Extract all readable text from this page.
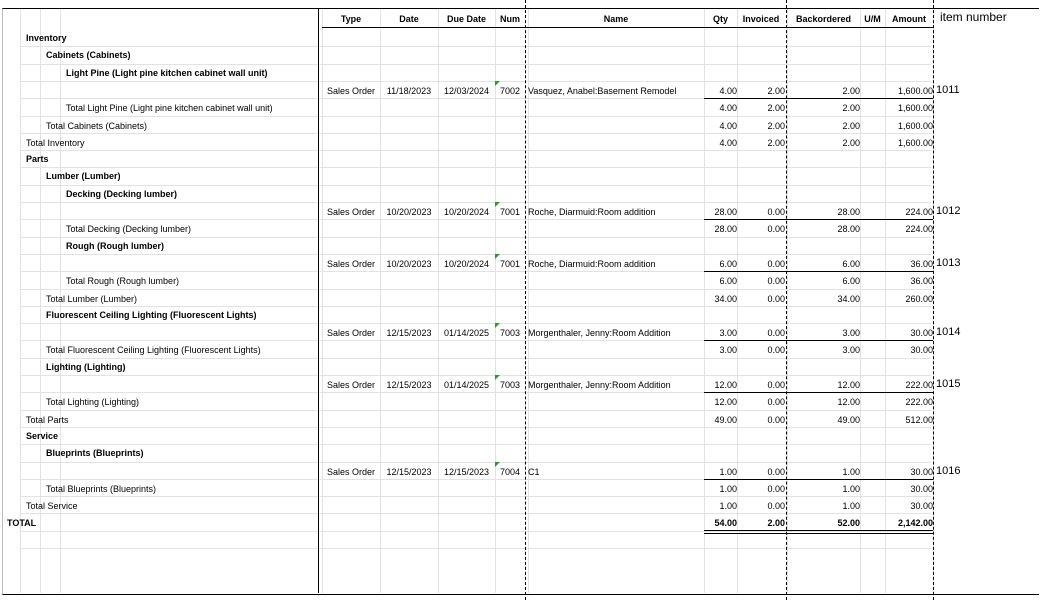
Type	Date	Due Date	Num	Name	Qty	Invoiced	Backordered	U/M	Amount	item number
Inventory
Cabinets (Cabinets)
Light Pine (Light pine kitchen cabinet wall unit)
Sales Order	11/18/2023	12/03/2024	7002 Vasquez, Anabel:Basement Remodel	4.00	2.00	2.00	1,600.00 1011
Total Light Pine (Light pine kitchen cabinet wall unit)	4.00	2.00	2.00	1,600.00
Total Cabinets (Cabinets)	4.00	2.00	2.00	1,600.00
Total Inventory	4.00	2.00	2.00	1,600.00
Parts
Lumber (Lumber)
Decking (Decking lumber)
Sales Order	10/20/2023	10/20/2024	7001 Roche, Diarmuid:Room addition	28.00	0.00	28.00	224.00 1012
Total Decking (Decking lumber)	28.00	0.00	28.00	224.00
Rough (Rough lumber)
Sales Order	10/20/2023	10/20/2024	7001 Roche, Diarmuid:Room addition	6.00	0.00	6.00	36.00 1013
Total Rough (Rough lumber)	6.00	0.00	6.00	36.00
Total Lumber (Lumber)	34.00	0.00	34.00	260.00
Fluorescent Ceiling Lighting (Fluorescent Lights)
Sales Order	12/15/2023	01/14/2025	7003 Morgenthaler, Jenny:Room Addition	3.00	0.00	3.00	30.00 1014
Total Fluorescent Ceiling Lighting (Fluorescent Lights)	3.00	0.00	3.00	30.00
Lighting (Lighting)
Sales Order	12/15/2023	01/14/2025	7003 Morgenthaler, Jenny:Room Addition	12.00	0.00	12.00	222.00 1015
Total Lighting (Lighting)	12.00	0.00	12.00	222.00
Total Parts	49.00	0.00	49.00	512.00
Service
Blueprints (Blueprints)
Sales Order	12/15/2023	12/15/2023	7004 C1	1.00	0.00	1.00	30.00 1016
Total Blueprints (Blueprints)	1.00	0.00	1.00	30.00
Total Service	1.00	0.00	1.00	30.00
TOTAL	54.00	2.00	52.00	2,142.00
